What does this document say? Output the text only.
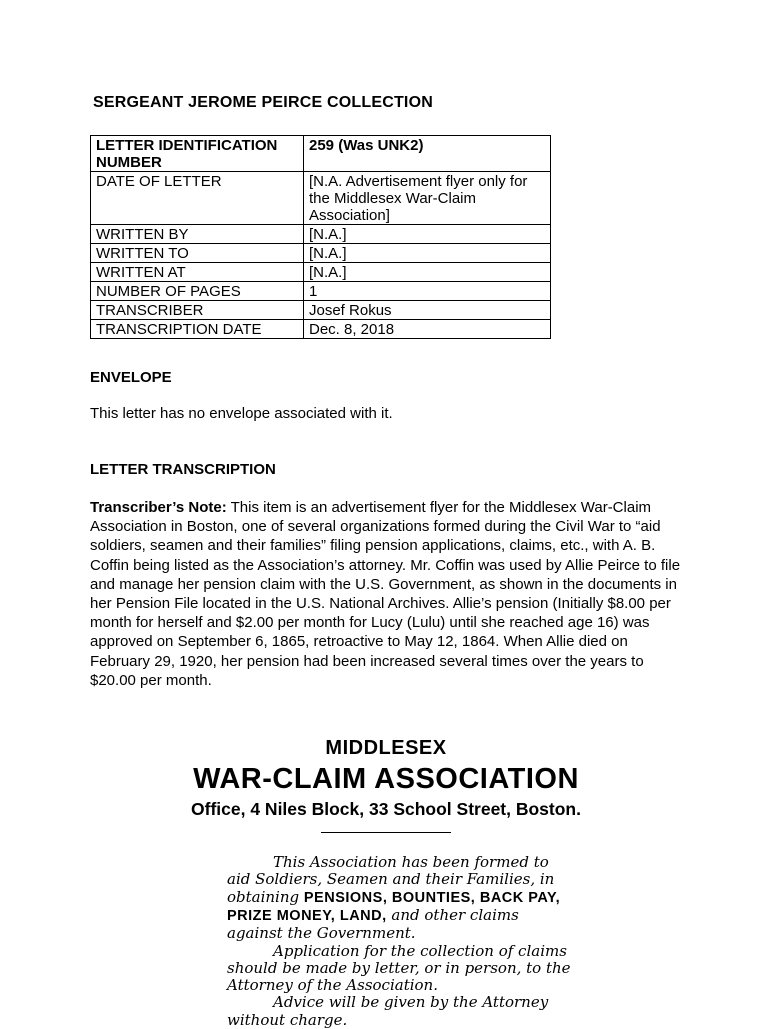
SERGEANT JEROME PEIRCE COLLECTION
LETTER IDENTIFICATION NUMBER	259 (Was UNK2)
DATE OF LETTER	[N.A. Advertisement flyer only for the Middlesex War-Claim Association]
WRITTEN BY	[N.A.]
WRITTEN TO	[N.A.]
WRITTEN AT	[N.A.]
NUMBER OF PAGES	1
TRANSCRIBER	Josef Rokus
TRANSCRIPTION DATE	Dec. 8, 2018
ENVELOPE

This letter has no envelope associated with it.

LETTER TRANSCRIPTION

Transcriber’s Note: This item is an advertisement flyer for the Middlesex War-Claim Association in Boston, one of several organizations formed during the Civil War to “aid soldiers, seamen and their families” filing pension applications, claims, etc., with A. B. Coffin being listed as the Association’s attorney. Mr. Coffin was used by Allie Peirce to file and manage her pension claim with the U.S. Government, as shown in the documents in her Pension File located in the U.S. National Archives. Allie’s pension (Initially $8.00 per month for herself and $2.00 per month for Lucy (Lulu) until she reached age 16) was approved on September 6, 1865, retroactive to May 12, 1864. When Allie died on February 29, 1920, her pension had been increased several times over the years to $20.00 per month.

MIDDLESEX

WAR-CLAIM ASSOCIATION

Office, 4 Niles Block, 33 School Street, Boston.

This Association has been formed to aid Soldiers, Seamen and their Families, in obtaining PENSIONS, BOUNTIES, BACK PAY, PRIZE MONEY, LAND, and other claims against the Government.

Application for the collection of claims should be made by letter, or in person, to the Attorney of the Association.

Advice will be given by the Attorney without charge.
